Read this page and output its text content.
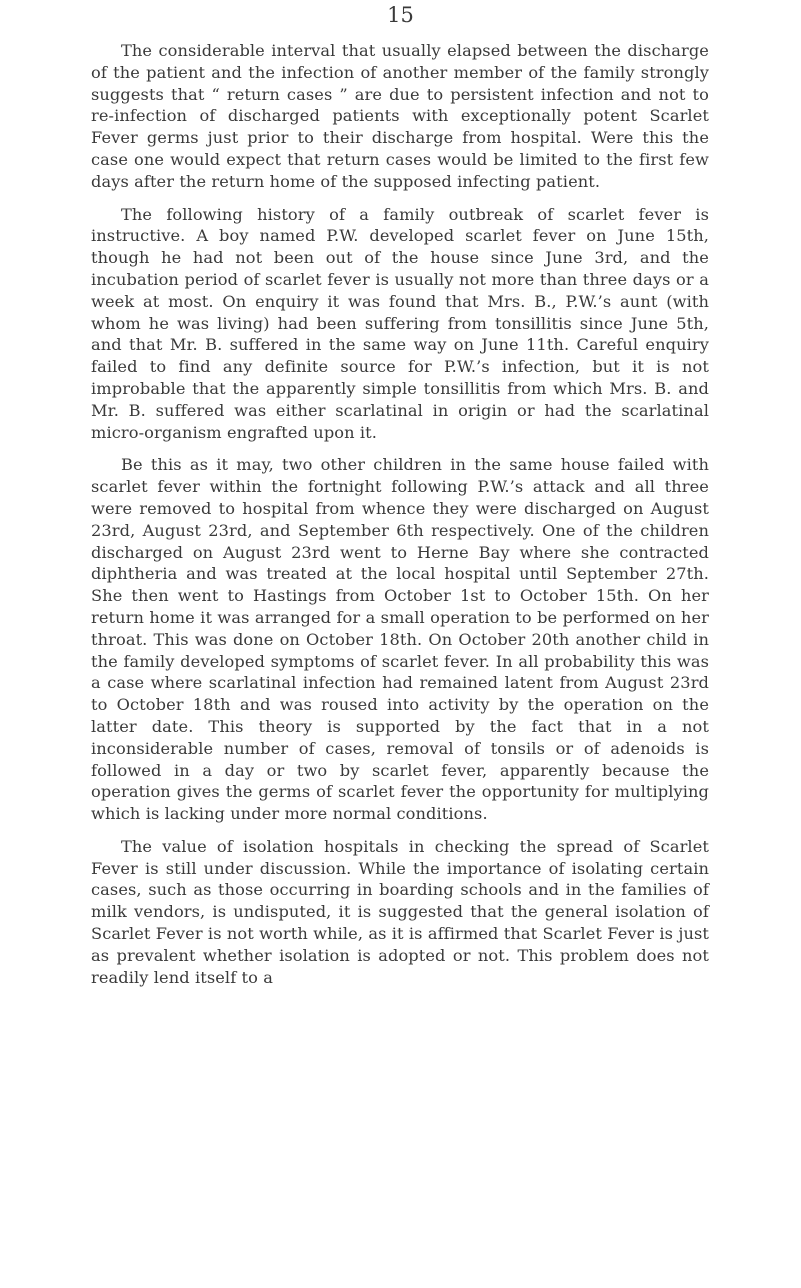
15

The considerable interval that usually elapsed between the discharge of the patient and the infection of another member of the family strongly suggests that “ return cases ” are due to persistent infection and not to re-infection of discharged patients with exceptionally potent Scarlet Fever germs just prior to their discharge from hospital. Were this the case one would expect that return cases would be limited to the first few days after the return home of the supposed infecting patient.

The following history of a family outbreak of scarlet fever is instructive. A boy named P.W. developed scarlet fever on June 15th, though he had not been out of the house since June 3rd, and the incubation period of scarlet fever is usually not more than three days or a week at most. On enquiry it was found that Mrs. B., P.W.’s aunt (with whom he was living) had been suffering from tonsillitis since June 5th, and that Mr. B. suffered in the same way on June 11th. Careful enquiry failed to find any definite source for P.W.’s infection, but it is not improbable that the apparently simple tonsillitis from which Mrs. B. and Mr. B. suffered was either scarlatinal in origin or had the scarlatinal micro-organism engrafted upon it.

Be this as it may, two other children in the same house failed with scarlet fever within the fortnight following P.W.’s attack and all three were removed to hospital from whence they were discharged on August 23rd, August 23rd, and September 6th respectively. One of the children discharged on August 23rd went to Herne Bay where she contracted diphtheria and was treated at the local hospital until September 27th. She then went to Hastings from October 1st to October 15th. On her return home it was arranged for a small operation to be performed on her throat. This was done on October 18th. On October 20th another child in the family developed symptoms of scarlet fever. In all probability this was a case where scarlatinal infection had remained latent from August 23rd to October 18th and was roused into activity by the operation on the latter date. This theory is supported by the fact that in a not inconsiderable number of cases, removal of tonsils or of adenoids is followed in a day or two by scarlet fever, apparently because the operation gives the germs of scarlet fever the opportunity for multiplying which is lacking under more normal conditions.

The value of isolation hospitals in checking the spread of Scarlet Fever is still under discussion. While the importance of isolating certain cases, such as those occurring in boarding schools and in the families of milk vendors, is undisputed, it is suggested that the general isolation of Scarlet Fever is not worth while, as it is affirmed that Scarlet Fever is just as prevalent whether isolation is adopted or not. This problem does not readily lend itself to a
